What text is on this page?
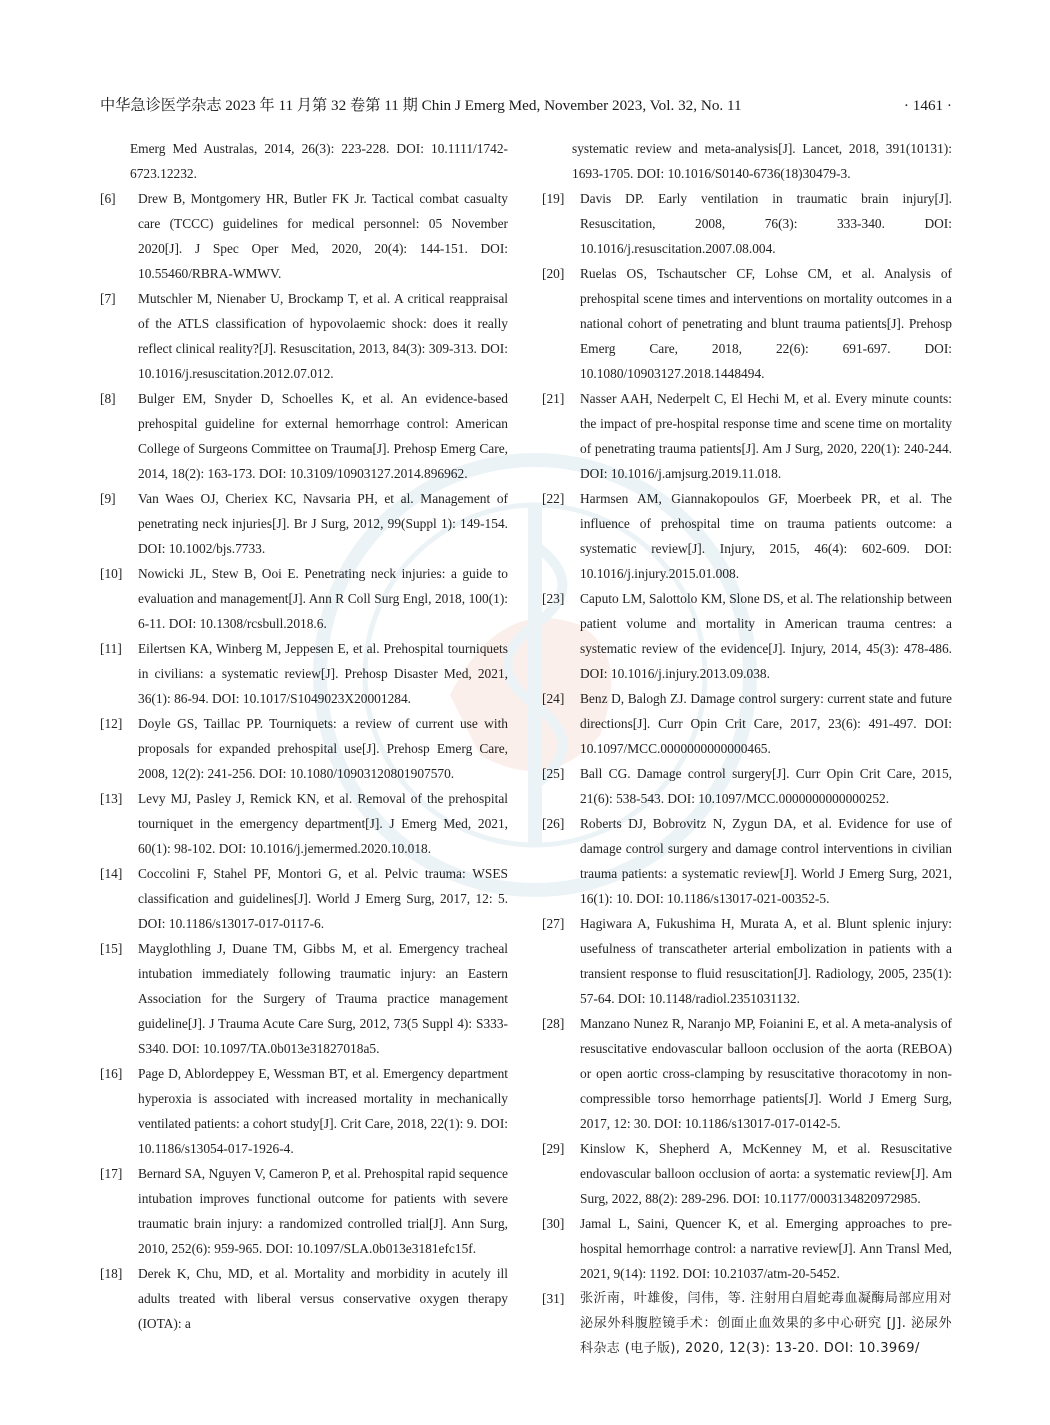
中华急诊医学杂志 2023 年 11 月第 32 卷第 11 期 Chin J Emerg Med, November 2023, Vol. 32, No. 11	· 1461 ·
Emerg Med Australas, 2014, 26(3): 223-228. DOI: 10.1111/1742-6723.12232.
[6]	Drew B, Montgomery HR, Butler FK Jr. Tactical combat casualty care (TCCC) guidelines for medical personnel: 05 November 2020[J]. J Spec Oper Med, 2020, 20(4): 144-151. DOI: 10.55460/RBRA-WMWV.
[7]	Mutschler M, Nienaber U, Brockamp T, et al. A critical reappraisal of the ATLS classification of hypovolaemic shock: does it really reflect clinical reality?[J]. Resuscitation, 2013, 84(3): 309-313. DOI: 10.1016/j.resuscitation.2012.07.012.
[8]	Bulger EM, Snyder D, Schoelles K, et al. An evidence-based prehospital guideline for external hemorrhage control: American College of Surgeons Committee on Trauma[J]. Prehosp Emerg Care, 2014, 18(2): 163-173. DOI: 10.3109/10903127.2014.896962.
[9]	Van Waes OJ, Cheriex KC, Navsaria PH, et al. Management of penetrating neck injuries[J]. Br J Surg, 2012, 99(Suppl 1): 149-154. DOI: 10.1002/bjs.7733.
[10]	Nowicki JL, Stew B, Ooi E. Penetrating neck injuries: a guide to evaluation and management[J]. Ann R Coll Surg Engl, 2018, 100(1): 6-11. DOI: 10.1308/rcsbull.2018.6.
[11]	Eilertsen KA, Winberg M, Jeppesen E, et al. Prehospital tourniquets in civilians: a systematic review[J]. Prehosp Disaster Med, 2021, 36(1): 86-94. DOI: 10.1017/S1049023X20001284.
[12]	Doyle GS, Taillac PP. Tourniquets: a review of current use with proposals for expanded prehospital use[J]. Prehosp Emerg Care, 2008, 12(2): 241-256. DOI: 10.1080/10903120801907570.
[13]	Levy MJ, Pasley J, Remick KN, et al. Removal of the prehospital tourniquet in the emergency department[J]. J Emerg Med, 2021, 60(1): 98-102. DOI: 10.1016/j.jemermed.2020.10.018.
[14]	Coccolini F, Stahel PF, Montori G, et al. Pelvic trauma: WSES classification and guidelines[J]. World J Emerg Surg, 2017, 12: 5. DOI: 10.1186/s13017-017-0117-6.
[15]	Mayglothling J, Duane TM, Gibbs M, et al. Emergency tracheal intubation immediately following traumatic injury: an Eastern Association for the Surgery of Trauma practice management guideline[J]. J Trauma Acute Care Surg, 2012, 73(5 Suppl 4): S333-S340. DOI: 10.1097/TA.0b013e31827018a5.
[16]	Page D, Ablordeppey E, Wessman BT, et al. Emergency department hyperoxia is associated with increased mortality in mechanically ventilated patients: a cohort study[J]. Crit Care, 2018, 22(1): 9. DOI: 10.1186/s13054-017-1926-4.
[17]	Bernard SA, Nguyen V, Cameron P, et al. Prehospital rapid sequence intubation improves functional outcome for patients with severe traumatic brain injury: a randomized controlled trial[J]. Ann Surg, 2010, 252(6): 959-965. DOI: 10.1097/SLA.0b013e3181efc15f.
[18]	Derek K, Chu, MD, et al. Mortality and morbidity in acutely ill adults treated with liberal versus conservative oxygen therapy (IOTA): a
systematic review and meta-analysis[J]. Lancet, 2018, 391(10131): 1693-1705. DOI: 10.1016/S0140-6736(18)30479-3.
[19]	Davis DP. Early ventilation in traumatic brain injury[J]. Resuscitation, 2008, 76(3): 333-340. DOI: 10.1016/j.resuscitation.2007.08.004.
[20]	Ruelas OS, Tschautscher CF, Lohse CM, et al. Analysis of prehospital scene times and interventions on mortality outcomes in a national cohort of penetrating and blunt trauma patients[J]. Prehosp Emerg Care, 2018, 22(6): 691-697. DOI: 10.1080/10903127.2018.1448494.
[21]	Nasser AAH, Nederpelt C, El Hechi M, et al. Every minute counts: the impact of pre-hospital response time and scene time on mortality of penetrating trauma patients[J]. Am J Surg, 2020, 220(1): 240-244. DOI: 10.1016/j.amjsurg.2019.11.018.
[22]	Harmsen AM, Giannakopoulos GF, Moerbeek PR, et al. The influence of prehospital time on trauma patients outcome: a systematic review[J]. Injury, 2015, 46(4): 602-609. DOI: 10.1016/j.injury.2015.01.008.
[23]	Caputo LM, Salottolo KM, Slone DS, et al. The relationship between patient volume and mortality in American trauma centres: a systematic review of the evidence[J]. Injury, 2014, 45(3): 478-486. DOI: 10.1016/j.injury.2013.09.038.
[24]	Benz D, Balogh ZJ. Damage control surgery: current state and future directions[J]. Curr Opin Crit Care, 2017, 23(6): 491-497. DOI: 10.1097/MCC.0000000000000465.
[25]	Ball CG. Damage control surgery[J]. Curr Opin Crit Care, 2015, 21(6): 538-543. DOI: 10.1097/MCC.0000000000000252.
[26]	Roberts DJ, Bobrovitz N, Zygun DA, et al. Evidence for use of damage control surgery and damage control interventions in civilian trauma patients: a systematic review[J]. World J Emerg Surg, 2021, 16(1): 10. DOI: 10.1186/s13017-021-00352-5.
[27]	Hagiwara A, Fukushima H, Murata A, et al. Blunt splenic injury: usefulness of transcatheter arterial embolization in patients with a transient response to fluid resuscitation[J]. Radiology, 2005, 235(1): 57-64. DOI: 10.1148/radiol.2351031132.
[28]	Manzano Nunez R, Naranjo MP, Foianini E, et al. A meta-analysis of resuscitative endovascular balloon occlusion of the aorta (REBOA) or open aortic cross-clamping by resuscitative thoracotomy in non-compressible torso hemorrhage patients[J]. World J Emerg Surg, 2017, 12: 30. DOI: 10.1186/s13017-017-0142-5.
[29]	Kinslow K, Shepherd A, McKenney M, et al. Resuscitative endovascular balloon occlusion of aorta: a systematic review[J]. Am Surg, 2022, 88(2): 289-296. DOI: 10.1177/0003134820972985.
[30]	Jamal L, Saini, Quencer K, et al. Emerging approaches to pre-hospital hemorrhage control: a narrative review[J]. Ann Transl Med, 2021, 9(14): 1192. DOI: 10.21037/atm-20-5452.
[31]	张沂南，叶雄俊，闫伟，等. 注射用白眉蛇毒血凝酶局部应用对泌尿外科腹腔镜手术：创面止血效果的多中心研究 [J]. 泌尿外科杂志 (电子版), 2020, 12(3): 13-20. DOI: 10.3969/
